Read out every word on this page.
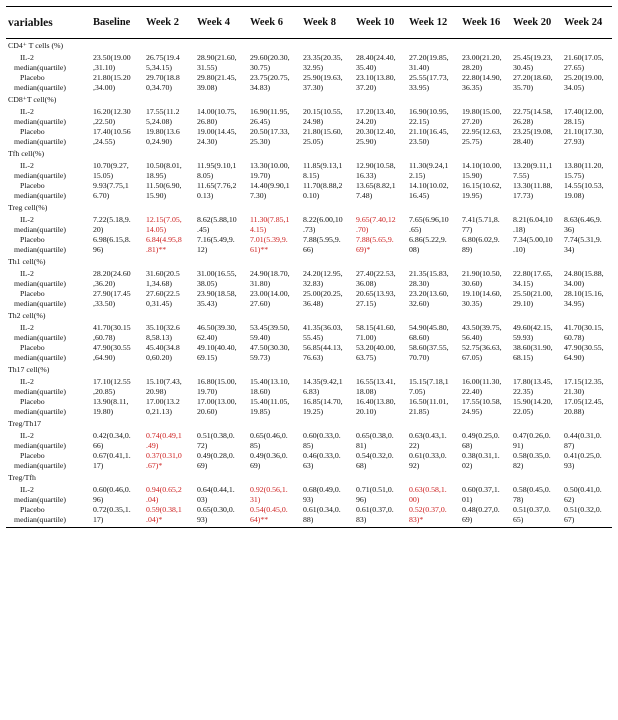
variables	Baseline	Week 2	Week 4	Week 6	Week 8	Week 10	Week 12	Week 16	Week 20	Week 24
CD4⁺ T cells (%)										
IL-2	23.50(19.00	26.75(19.4	28.90(21.60,	29.60(20.30,	23.35(20.35,	28.40(24.40,	27.20(19.85,	23.00(21.20,	25.45(19.23,	21.60(17.05,
median(quartile)	,31.10)	5,34.15)	31.55)	30.75)	32.95)	35.40)	31.40)	28.20)	30.45)	27.65)
Placebo	21.80(15.20	29.70(18.8	29.80(21.45,	23.75(20.75,	25.90(19.63,	23.10(13.80,	25.55(17.73,	22.80(14.90,	27.20(18.60,	25.20(19.00,
median(quartile)	,34.00)	0,34.70)	39.08)	34.83)	37.30)	37.20)	33.95)	36.35)	35.70)	34.05)
CD8⁺T cell(%)										
IL-2	16.20(12.30	17.55(11.2	14.00(10.75,	16.90(11.95,	20.15(10.55,	17.20(13.40,	16.90(10.95,	19.80(15.00,	22.75(14.58,	17.40(12.00,
median(quartile)	,22.50)	5,24.08)	26.80)	26.45)	24.98)	24.20)	22.15)	27.20)	26.28)	28.15)
Placebo	17.40(10.56	19.80(13.6	19.00(14.45,	20.50(17.33,	21.80(15.60,	20.30(12.40,	21.10(16.45,	22.95(12.63,	23.25(19.08,	21.10(17.30,
median(quartile)	,24.55)	0,24.90)	24.30)	25.30)	25.05)	25.90)	23.50)	25.75)	28.40)	27.93)
Tfh cell(%)										
IL-2	10.70(9.27,	10.50(8.01,	11.95(9.10,1	13.30(10.00,	11.85(9.13,1	12.90(10.58,	11.30(9.24,1	14.10(10.00,	13.20(9.11,1	13.80(11.20,
median(quartile)	15.05)	18.95)	8.05)	19.70)	8.15)	16.33)	2.15)	15.90)	7.55)	15.75)
Placebo	9.93(7.75,1	11.50(6.90,	11.65(7.76,2	14.40(9.90,1	11.70(8.88,2	13.65(8.82,1	14.10(10.02,	16.15(10.62,	13.30(11.88,	14.55(10.53,
median(quartile)	6.70)	15.90)	0.13)	7.30)	0.10)	7.48)	16.45)	19.95)	17.73)	19.08)
Treg cell(%)										
IL-2	7.22(5.18,9.	12.15(7.05,	8.62(5.88,10	11.30(7.85,1	8.22(6.00,10	9.65(7.40,12	7.65(6.96,10	7.41(5.71,8.	8.21(6.04,10	8.63(6.46,9.
median(quartile)	20)	14.05)	.45)	4.15)	.73)	.70)	.65)	77)	.18)	36)
Placebo	6.98(6.15,8.	6.84(4.95,8	7.16(5.49,9.	7.01(5.39,9.	7.88(5.95,9.	7.88(5.65,9.	6.86(5.22,9.	6.80(6.02,9.	7.34(5.00,10	7.74(5.31,9.
median(quartile)	96)	.81)**	12)	61)**	66)	69)*	08)	89)	.10)	34)
Th1 cell(%)										
IL-2	28.20(24.60	31.60(20.5	31.00(16.55,	24.90(18.70,	24.20(12.95,	27.40(22.53,	21.35(15.83,	21.90(10.50,	22.80(17.65,	24.80(15.88,
median(quartile)	,36.20)	1,34.68)	38.05)	31.80)	32.83)	36.08)	28.30)	30.60)	34.15)	34.00)
Placebo	27.90(17.45	27.60(22.5	23.90(18.58,	23.00(14.00,	25.00(20.25,	20.65(13.93,	23.20(13.60,	19.10(14.60,	25.50(21.00,	28.10(15.16,
median(quartile)	,33.50)	0,31.45)	35.43)	27.60)	36.48)	27.15)	32.60)	30.35)	29.10)	34.95)
Th2 cell(%)										
IL-2	41.70(30.15	35.10(32.6	46.50(39.30,	53.45(39.50,	41.35(36.03,	58.15(41.60,	54.90(45.80,	43.50(39.75,	49.60(42.15,	41.70(30.15,
median(quartile)	,60.78)	8,58.13)	62.40)	59.40)	55.45)	71.00)	68.60)	56.40)	59.93)	60.78)
Placebo	47.90(30.55	45.40(34.8	49.10(40.40,	47.50(30.30,	56.85(44.13,	53.20(40.00,	58.60(37.55,	52.75(36.63,	38.60(31.90,	47.90(30.55,
median(quartile)	,64.90)	0,60.20)	69.15)	59.73)	76.63)	63.75)	70.70)	67.05)	68.15)	64.90)
Th17 cell(%)										
IL-2	17.10(12.55	15.10(7.43,	16.80(15.00,	15.40(13.10,	14.35(9.42,1	16.55(13.41,	15.15(7.18,1	16.00(11.30,	17.80(13.45,	17.15(12.35,
median(quartile)	,20.85)	20.98)	19.70)	18.60)	6.83)	18.08)	7.05)	22.40)	22.35)	21.30)
Placebo	13.90(8.11,	17.00(13.2	17.00(13.00,	15.40(11.05,	16.85(14.70,	16.40(13.80,	16.50(11.01,	17.55(10.58,	15.90(14.20,	17.05(12.45,
median(quartile)	19.80)	0,21.13)	20.60)	19.85)	19.25)	20.10)	21.85)	24.95)	22.05)	20.88)
Treg/Th17										
IL-2	0.42(0.34,0.	0.74(0.49,1	0.51(0.38,0.	0.65(0.46,0.	0.60(0.33,0.	0.65(0.38,0.	0.63(0.43,1.	0.49(0.25,0.	0.47(0.26,0.	0.44(0.31,0.
median(quartile)	66)	.49)	72)	85)	85)	81)	22)	68)	91)	87)
Placebo	0.67(0.41,1.	0.37(0.31,0	0.49(0.28,0.	0.49(0.36,0.	0.46(0.33,0.	0.54(0.32,0.	0.61(0.33,0.	0.38(0.31,1.	0.58(0.35,0.	0.41(0.25,0.
median(quartile)	17)	.67)*	69)	69)	63)	68)	92)	02)	82)	93)
Treg/Tfh										
IL-2	0.60(0.46,0.	0.94(0.65,2	0.64(0.44,1.	0.92(0.56,1.	0.68(0.49,0.	0.71(0.51,0.	0.63(0.58,1.	0.60(0.37,1.	0.58(0.45,0.	0.50(0.41,0.
median(quartile)	96)	.04)	03)	31)	93)	96)	00)	01)	78)	62)
Placebo	0.72(0.35,1.	0.59(0.38,1	0.65(0.30,0.	0.54(0.45,0.	0.61(0.34,0.	0.61(0.37,0.	0.52(0.37,0.	0.48(0.27,0.	0.51(0.37,0.	0.51(0.32,0.
median(quartile)	17)	.04)*	93)	64)**	88)	83)	83)*	69)	65)	67)
